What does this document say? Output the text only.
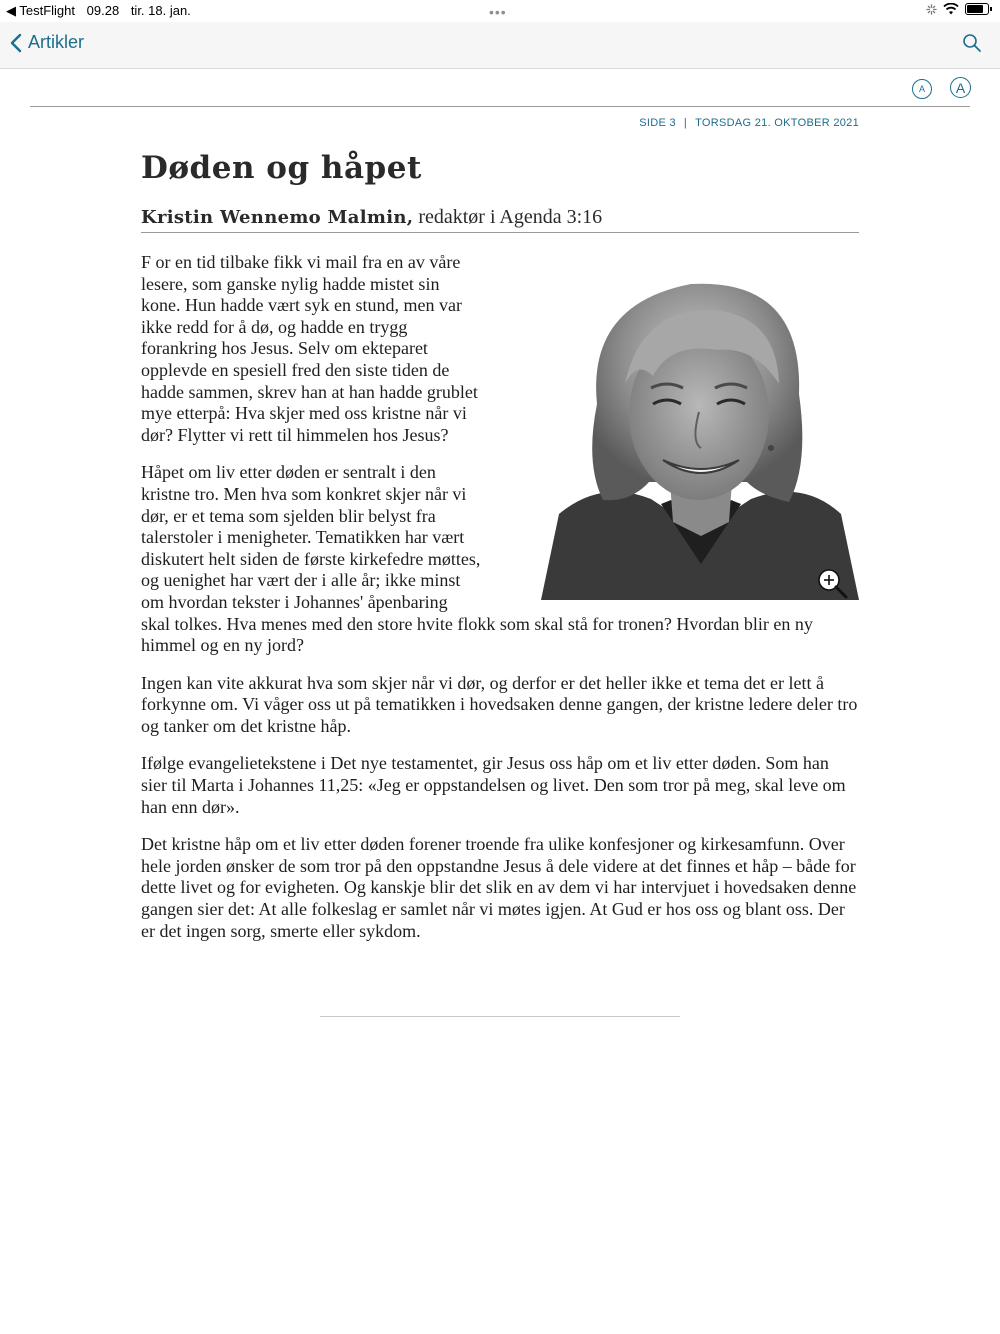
◀ TestFlight 09.28 tir. 18. jan.	•••
Artikler
A	A
SIDE 3 | TORSDAG 21. OKTOBER 2021
Døden og håpet
Kristin Wennemo Malmin, redaktør i Agenda 3:16

F or en tid tilbake fikk vi mail fra en av våre lesere, som ganske nylig hadde mistet sin kone. Hun hadde vært syk en stund, men var ikke redd for å dø, og hadde en trygg forankring hos Jesus. Selv om ekteparet opplevde en spesiell fred den siste tiden de hadde sammen, skrev han at han hadde grublet mye etterpå: Hva skjer med oss kristne når vi dør? Flytter vi rett til himmelen hos Jesus?

Håpet om liv etter døden er sentralt i den kristne tro. Men hva som konkret skjer når vi dør, er et tema som sjelden blir belyst fra talerstoler i menigheter. Tematikken har vært diskutert helt siden de første kirkefedre møttes, og uenighet har vært der i alle år; ikke minst om hvordan tekster i Johannes' åpenbaring skal tolkes. Hva menes med den store hvite flokk som skal stå for tronen? Hvordan blir en ny himmel og en ny jord?

Ingen kan vite akkurat hva som skjer når vi dør, og derfor er det heller ikke et tema det er lett å forkynne om. Vi våger oss ut på tematikken i hovedsaken denne gangen, der kristne ledere deler tro og tanker om det kristne håp.

Ifølge evangelietekstene i Det nye testamentet, gir Jesus oss håp om et liv etter døden. Som han sier til Marta i Johannes 11,25: «Jeg er oppstandelsen og livet. Den som tror på meg, skal leve om han enn dør».

Det kristne håp om et liv etter døden forener troende fra ulike konfesjoner og kirkesamfunn. Over hele jorden ønsker de som tror på den oppstandne Jesus å dele videre at det finnes et håp – både for dette livet og for evigheten. Og kanskje blir det slik en av dem vi har intervjuet i hovedsaken denne gangen sier det: At alle folkeslag er samlet når vi møtes igjen. At Gud er hos oss og blant oss. Der er det ingen sorg, smerte eller sykdom.
